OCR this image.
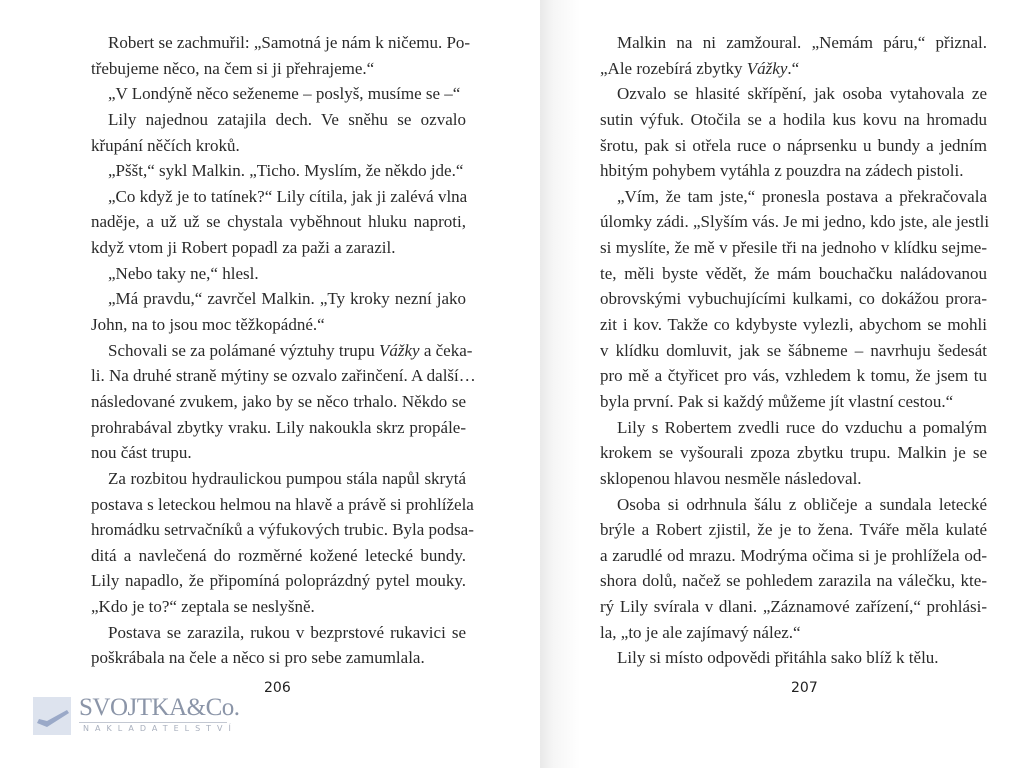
Robert se zachmuřil: „Samotná je nám k ničemu. Po-
třebujeme něco, na čem si ji přehrajeme.“
„V Londýně něco seženeme – poslyš, musíme se –“
Lily najednou zatajila dech. Ve sněhu se ozvalo
křupání něčích kroků.
„Pššt,“ sykl Malkin. „Ticho. Myslím, že někdo jde.“
„Co když je to tatínek?“ Lily cítila, jak ji zalévá vlna
naděje, a už už se chystala vyběhnout hluku naproti,
když vtom ji Robert popadl za paži a zarazil.
„Nebo taky ne,“ hlesl.
„Má pravdu,“ zavrčel Malkin. „Ty kroky nezní jako
John, na to jsou moc těžkopádné.“
Schovali se za polámané výztuhy trupu Vážky a čeka-
li. Na druhé straně mýtiny se ozvalo zařinčení. A další…
následované zvukem, jako by se něco trhalo. Někdo se
prohrabával zbytky vraku. Lily nakoukla skrz propále-
nou část trupu.
Za rozbitou hydraulickou pumpou stála napůl skrytá
postava s leteckou helmou na hlavě a právě si prohlížela
hromádku setrvačníků a výfukových trubic. Byla podsa-
ditá a navlečená do rozměrné kožené letecké bundy.
Lily napadlo, že připomíná poloprázdný pytel mouky.
„Kdo je to?“ zeptala se neslyšně.
Postava se zarazila, rukou v bezprstové rukavici se
poškrábala na čele a něco si pro sebe zamumlala.
206
SVOJTKA&Co.
NAKLADATELSTVÍ
Malkin na ni zamžoural. „Nemám páru,“ přiznal.
„Ale rozebírá zbytky Vážky.“
Ozvalo se hlasité skřípění, jak osoba vytahovala ze
sutin výfuk. Otočila se a hodila kus kovu na hromadu
šrotu, pak si otřela ruce o náprsenku u bundy a jedním
hbitým pohybem vytáhla z pouzdra na zádech pistoli.
„Vím, že tam jste,“ pronesla postava a překračovala
úlomky zádi. „Slyším vás. Je mi jedno, kdo jste, ale jestli
si myslíte, že mě v přesile tři na jednoho v klídku sejme-
te, měli byste vědět, že mám bouchačku naládovanou
obrovskými vybuchujícími kulkami, co dokážou prora-
zit i kov. Takže co kdybyste vylezli, abychom se mohli
v klídku domluvit, jak se šábneme – navrhuju šedesát
pro mě a čtyřicet pro vás, vzhledem k tomu, že jsem tu
byla první. Pak si každý můžeme jít vlastní cestou.“
Lily s Robertem zvedli ruce do vzduchu a pomalým
krokem se vyšourali zpoza zbytku trupu. Malkin je se
sklopenou hlavou nesměle následoval.
Osoba si odrhnula šálu z obličeje a sundala letecké
brýle a Robert zjistil, že je to žena. Tváře měla kulaté
a zarudlé od mrazu. Modrýma očima si je prohlížela od-
shora dolů, načež se pohledem zarazila na válečku, kte-
rý Lily svírala v dlani. „Záznamové zařízení,“ prohlási-
la, „to je ale zajímavý nález.“
Lily si místo odpovědi přitáhla sako blíž k tělu.
207
